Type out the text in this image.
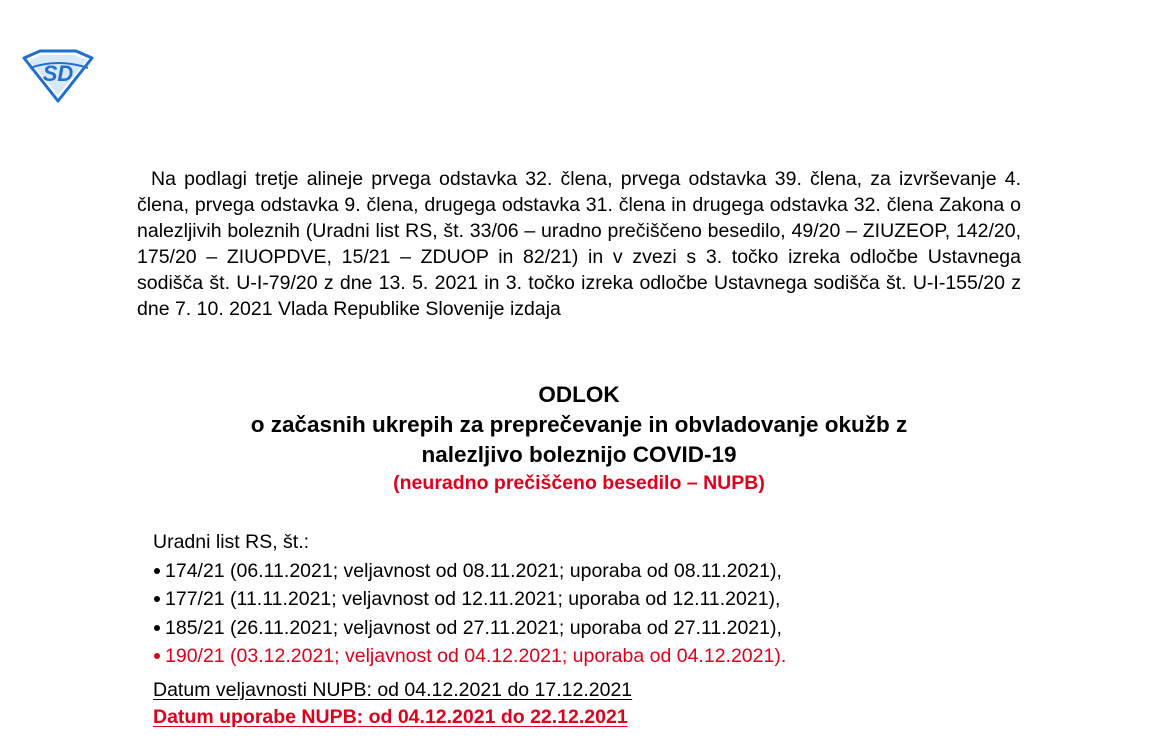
SD

Na podlagi tretje alineje prvega odstavka 32. člena, prvega odstavka 39. člena, za izvrševanje 4. člena, prvega odstavka 9. člena, drugega odstavka 31. člena in drugega odstavka 32. člena Zakona o nalezljivih boleznih (Uradni list RS, št. 33/06 – uradno prečiščeno besedilo, 49/20 – ZIUZEOP, 142/20, 175/20 – ZIUOPDVE, 15/21 – ZDUOP in 82/21) in v zvezi s 3. točko izreka odločbe Ustavnega sodišča št. U-I-79/20 z dne 13. 5. 2021 in 3. točko izreka odločbe Ustavnega sodišča št. U-I-155/20 z dne 7. 10. 2021 Vlada Republike Slovenije izdaja

ODLOK

o začasnih ukrepih za preprečevanje in obvladovanje okužb z

nalezljivo boleznijo COVID-19

(neuradno prečiščeno besedilo – NUPB)

Uradni list RS, št.:

174/21 (06.11.2021; veljavnost od 08.11.2021; uporaba od 08.11.2021),
177/21 (11.11.2021; veljavnost od 12.11.2021; uporaba od 12.11.2021),
185/21 (26.11.2021; veljavnost od 27.11.2021; uporaba od 27.11.2021),
190/21 (03.12.2021; veljavnost od 04.12.2021; uporaba od 04.12.2021).

Datum veljavnosti NUPB: od 04.12.2021 do 17.12.2021

Datum uporabe NUPB: od 04.12.2021 do 22.12.2021
